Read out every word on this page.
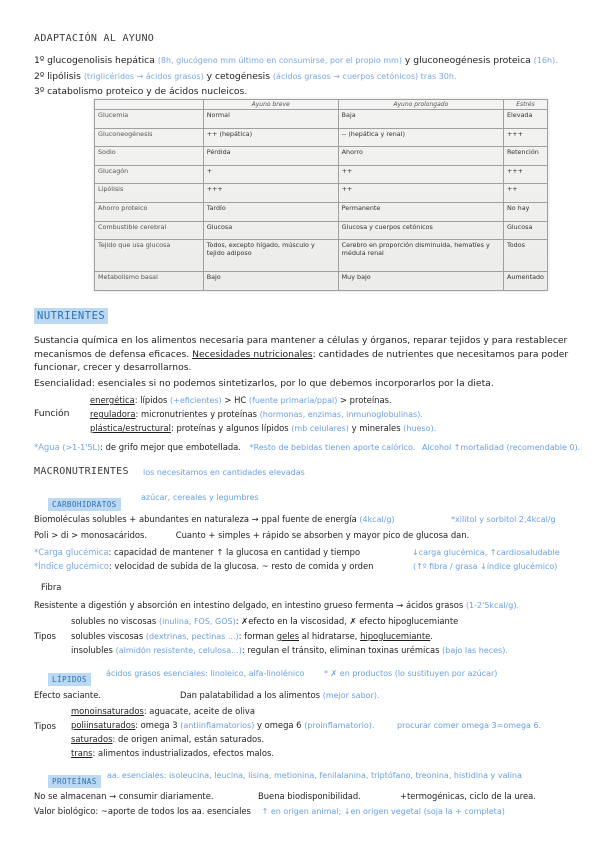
ADAPTACIÓN AL AYUNO
1º glucogenolisis hepática (8h, glucógeno mm último en consumirse, por el propio mm) y gluconeogénesis proteica (16h).
2º lipólisis (triglicéridos → ácidos grasos) y cetogénesis (ácidos grasos → cuerpos cetónicos) tras 30h.
3º catabolismo proteico y de ácidos nucleicos.
	Ayuno breve	Ayuno prolongado	Estrés
Glucemia	Normal	Baja	Elevada
Gluconeogénesis	++ (hepática)	-- (hepática y renal)	+++
Sodio	Pérdida	Ahorro	Retención
Glucagón	+	++	+++
Lipólisis	+++	++	++
Ahorro proteico	Tardío	Permanente	No hay
Combustible cerebral	Glucosa	Glucosa y cuerpos cetónicos	Glucosa
Tejido que usa glucosa	Todos, excepto hígado, músculo y tejido adiposo	Cerebro en proporción disminuida, hematíes y médula renal	Todos
Metabolismo basal	Bajo	Muy bajo	Aumentado
NUTRIENTES
Sustancia química en los alimentos necesaria para mantener a células y órganos, reparar tejidos y para restablecer
mecanismos de defensa eficaces. Necesidades nutricionales: cantidades de nutrientes que necesitamos para poder
funcionar, crecer y desarrollarnos.
Esencialidad: esenciales si no podemos sintetizarlos, por lo que debemos incorporarlos por la dieta.
Función
energética: lípidos (+eficientes) > HC (fuente primaria/ppal) > proteínas.
reguladora: micronutrientes y proteínas (hormonas, enzimas, inmunoglobulinas).
plástica/estructural: proteínas y algunos lípidos (mb celulares) y minerales (hueso).
*Agua (>1-1'5L): de grifo mejor que embotellada. *Resto de bebidas tienen aporte calórico. Alcohol ↑mortalidad (recomendable 0).
MACRONUTRIENTES los necesitamos en cantidades elevadas
CARBOHIDRATOS
azúcar, cereales y legumbres
Biomoléculas solubles + abundantes en naturaleza → ppal fuente de energía (4kcal/g)	*xilitol y sorbitol 2,4kcal/g
Poli > di > monosacáridos.	Cuanto + simples + rápido se absorben y mayor pico de glucosa dan.
*Carga glucémica: capacidad de mantener ↑ la glucosa en cantidad y tiempo	↓carga glucémica, ↑cardiosaludable
*Índice glucémico: velocidad de subida de la glucosa. ~ resto de comida y orden	(↑º fibra / grasa ↓índice glucémico)
Fibra
Resistente a digestión y absorción en intestino delgado, en intestino grueso fermenta → ácidos grasos (1-2'5kcal/g).
Tipos
solubles no viscosas (inulina, FOS, GOS): ✗efecto en la viscosidad, ✗ efecto hipoglucemiante
solubles viscosas (dextrinas, pectinas ...): forman geles al hidratarse, hipoglucemiante.
insolubles (almidón resistente, celulosa...): regulan el tránsito, eliminan toxinas urémicas (bajo las heces).
LÍPIDOS
ácidos grasos esenciales: linoleico, alfa-linolénico * ✗ en productos (lo sustituyen por azúcar)
Efecto saciante.	Dan palatabilidad a los alimentos (mejor sabor).
Tipos
monoinsaturados: aguacate, aceite de oliva
poliinsaturados: omega 3 (antiinflamatorios) y omega 6 (proinflamatorio).	procurar comer omega 3=omega 6.
saturados: de origen animal, están saturados.
trans: alimentos industrializados, efectos malos.
PROTEÍNAS
aa. esenciales: isoleucina, leucina, lisina, metionina, fenilalanina, triptófano, treonina, histidina y valina
No se almacenan → consumir diariamente.	Buena biodisponibilidad.	+termogénicas, ciclo de la urea.
Valor biológico: ~aporte de todos los aa. esenciales ↑ en origen animal; ↓en origen vegetal (soja la + completa)
